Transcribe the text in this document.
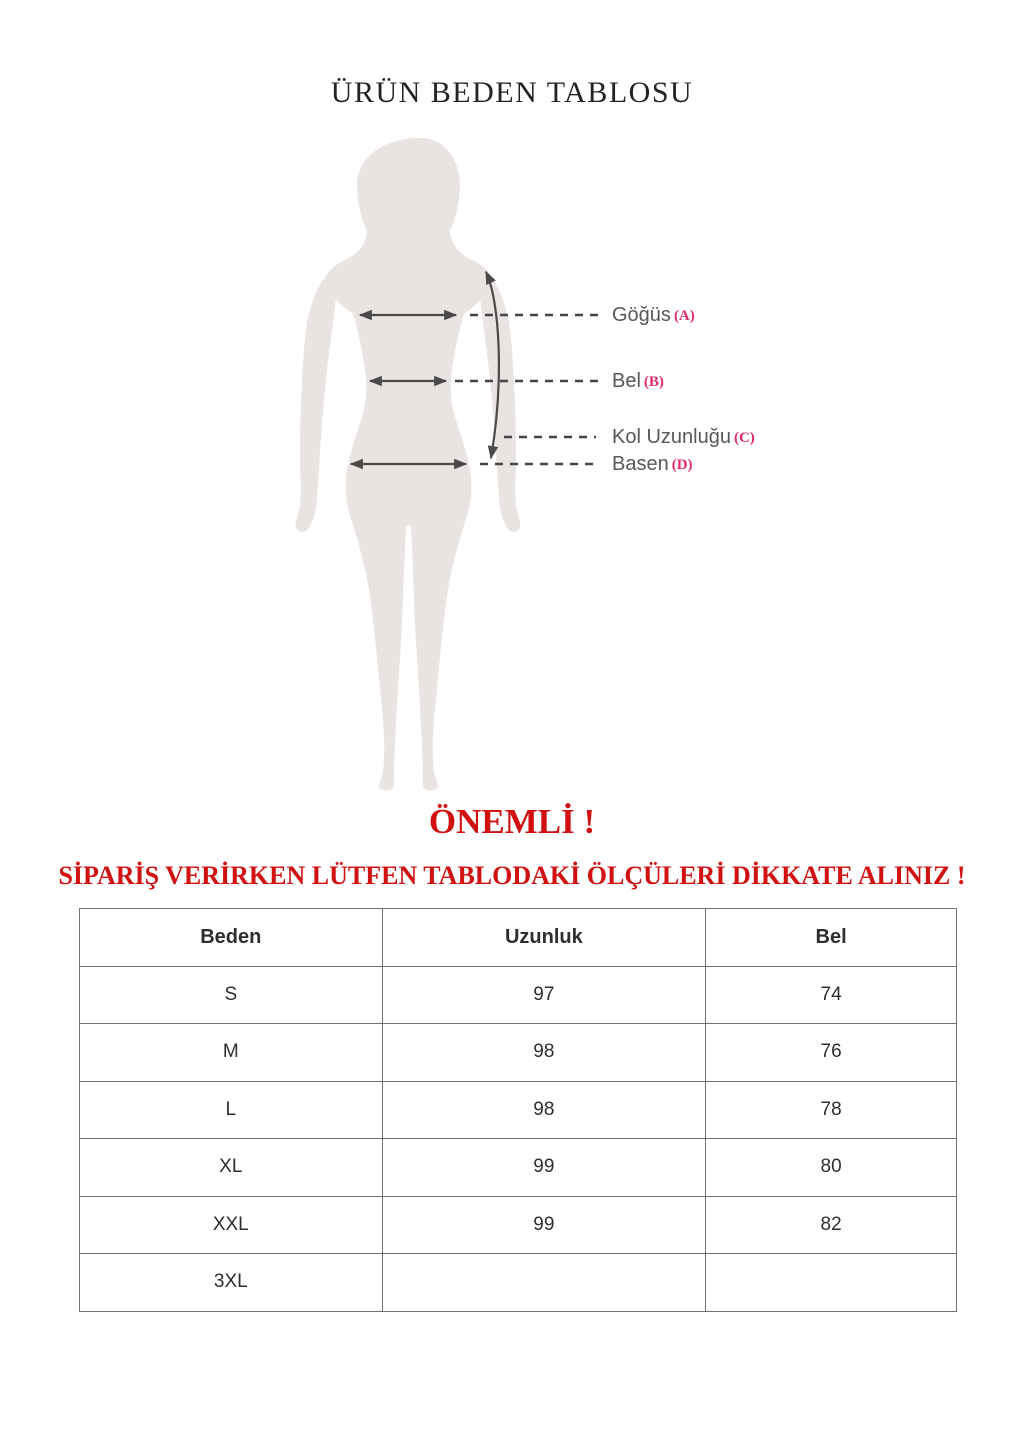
ÜRÜN BEDEN TABLOSU
Göğüs (A)
Bel (B)
Kol Uzunluğu (C)
Basen (D)
ÖNEMLİ !
SİPARİŞ VERİRKEN LÜTFEN TABLODAKİ ÖLÇÜLERİ DİKKATE ALINIZ !
Beden	Uzunluk	Bel
S	97	74
M	98	76
L	98	78
XL	99	80
XXL	99	82
3XL		
